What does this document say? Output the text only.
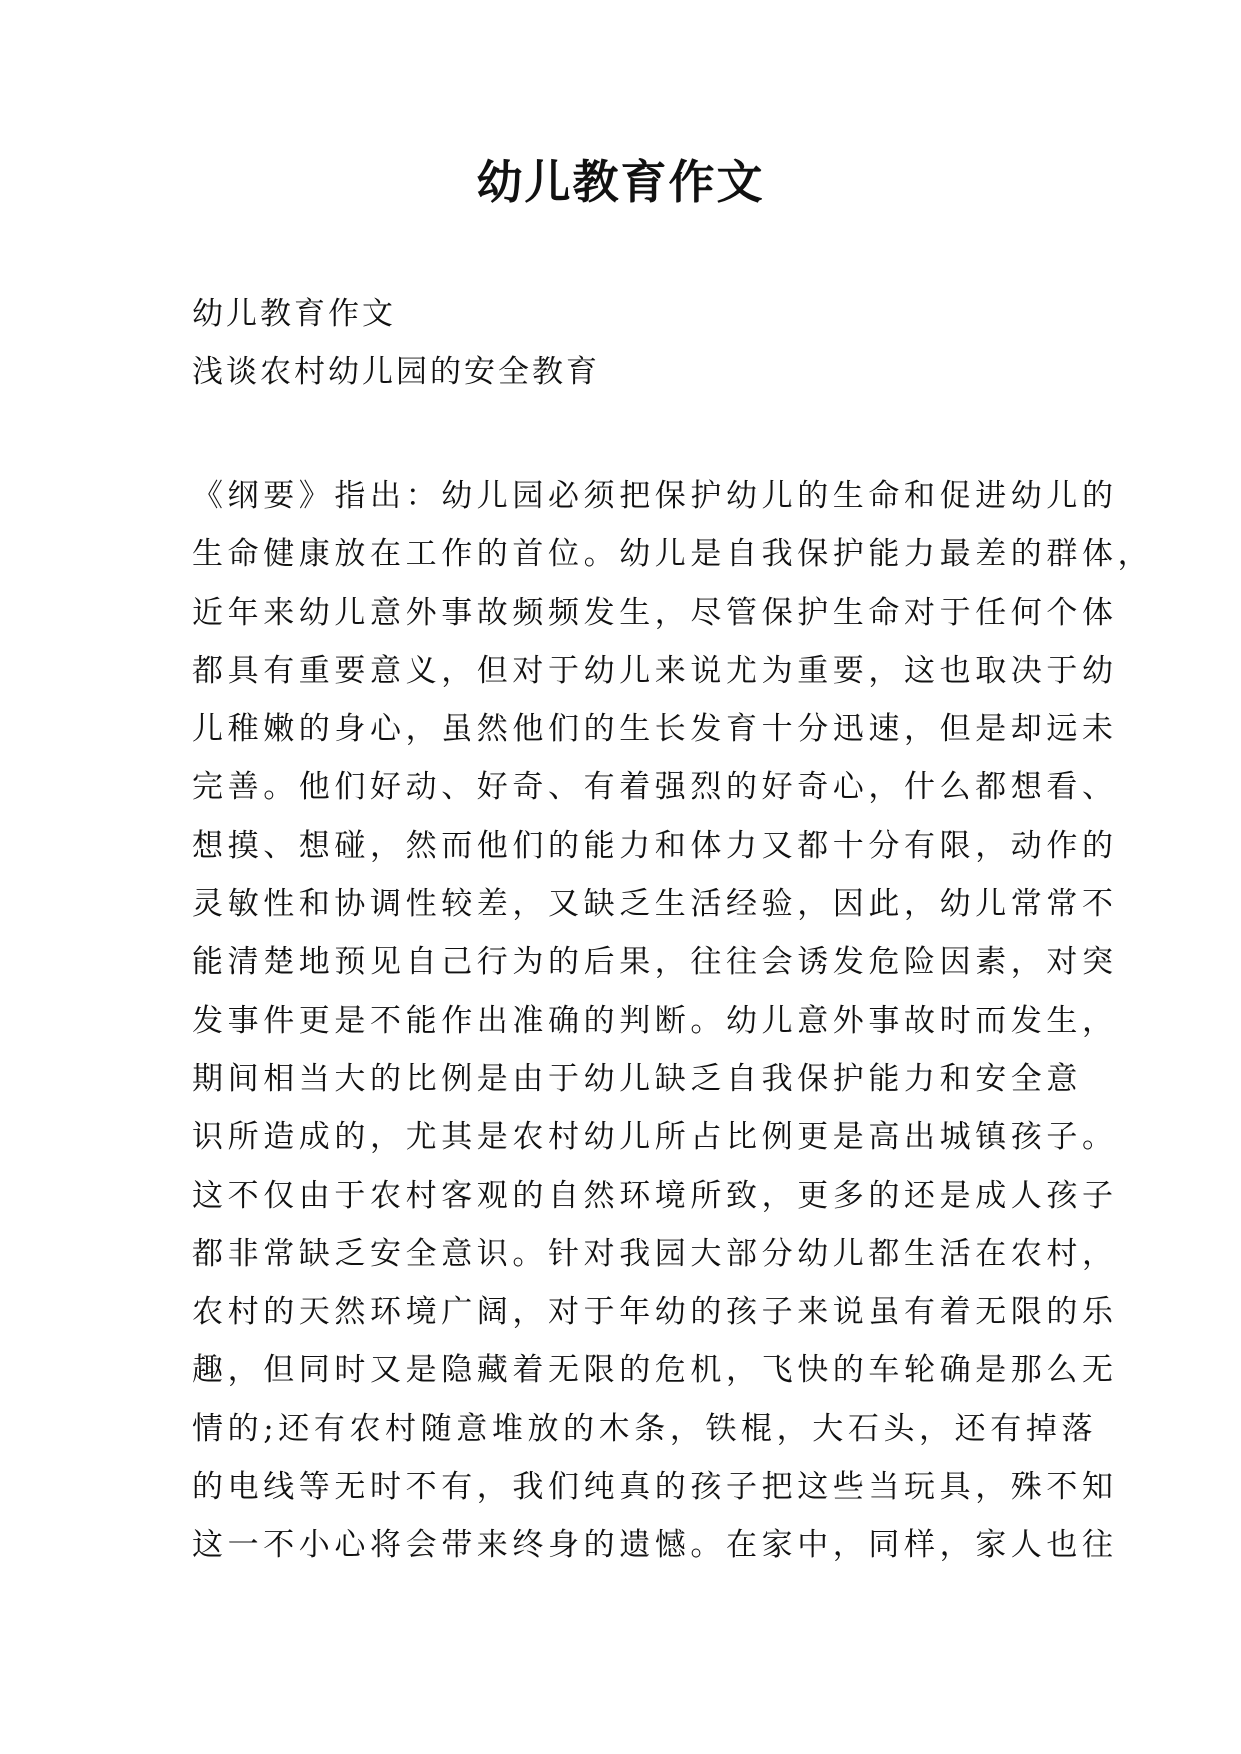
幼儿教育作文

幼儿教育作文

浅谈农村幼儿园的安全教育

《纲要》指出：幼儿园必须把保护幼儿的生命和促进幼儿的
生命健康放在工作的首位。幼儿是自我保护能力最差的群体，
近年来幼儿意外事故频频发生，尽管保护生命对于任何个体
都具有重要意义，但对于幼儿来说尤为重要，这也取决于幼
儿稚嫩的身心，虽然他们的生长发育十分迅速，但是却远未
完善。他们好动、好奇、有着强烈的好奇心，什么都想看、
想摸、想碰，然而他们的能力和体力又都十分有限，动作的
灵敏性和协调性较差，又缺乏生活经验，因此，幼儿常常不
能清楚地预见自己行为的后果，往往会诱发危险因素，对突
发事件更是不能作出准确的判断。幼儿意外事故时而发生，
期间相当大的比例是由于幼儿缺乏自我保护能力和安全意
识所造成的，尤其是农村幼儿所占比例更是高出城镇孩子。
这不仅由于农村客观的自然环境所致，更多的还是成人孩子
都非常缺乏安全意识。针对我园大部分幼儿都生活在农村，
农村的天然环境广阔，对于年幼的孩子来说虽有着无限的乐
趣，但同时又是隐藏着无限的危机，飞快的车轮确是那么无
情的;还有农村随意堆放的木条，铁棍，大石头，还有掉落
的电线等无时不有，我们纯真的孩子把这些当玩具，殊不知
这一不小心将会带来终身的遗憾。在家中，同样，家人也往
